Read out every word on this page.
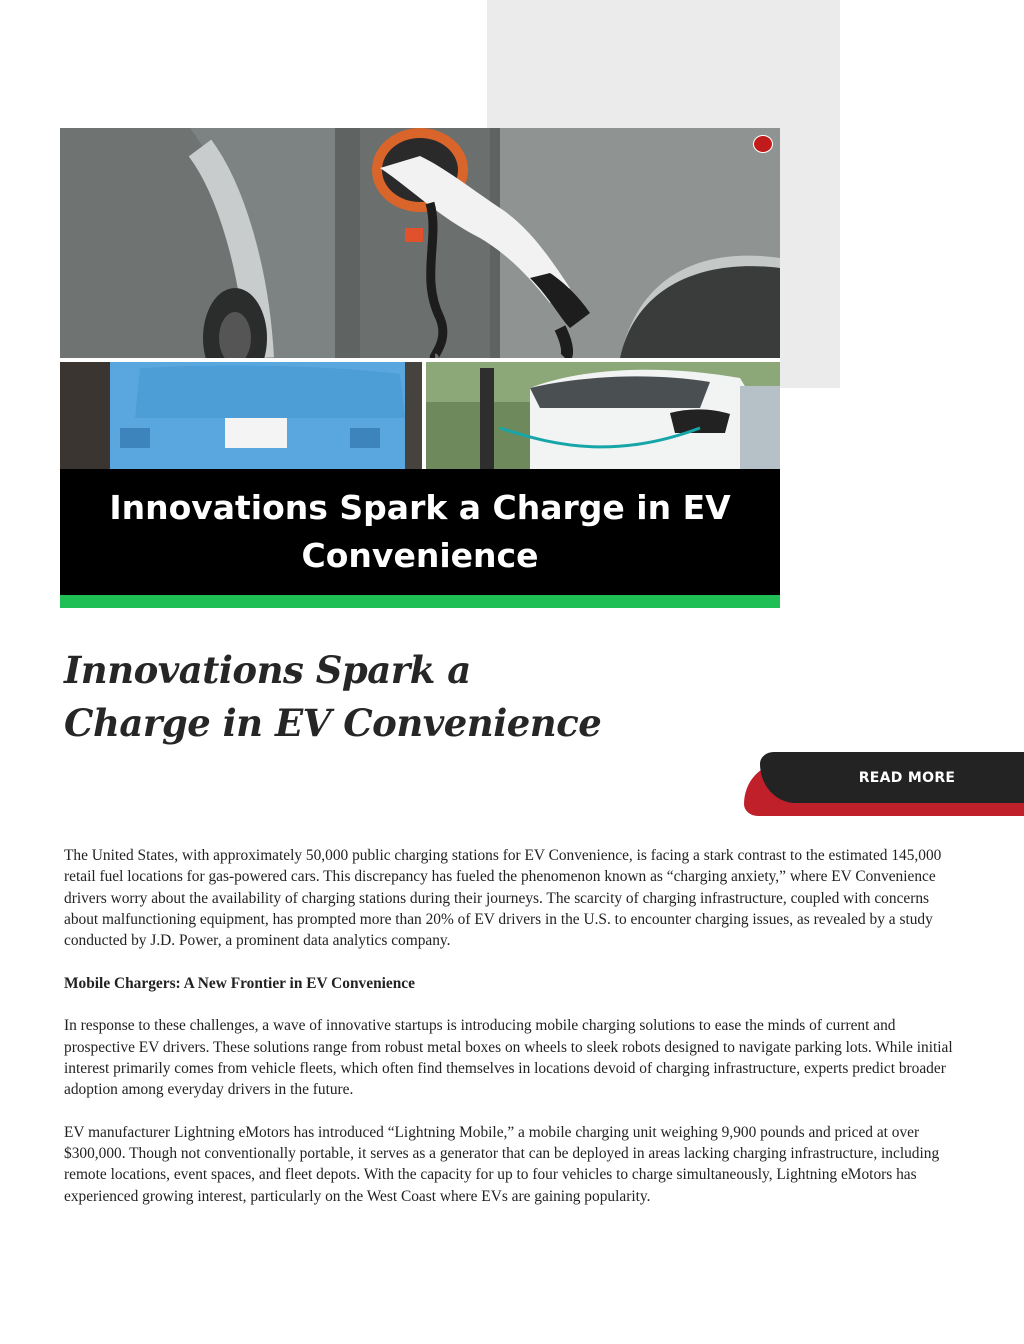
Innovations Spark a Charge in EV Convenience
Innovations Spark a
Charge in EV Convenience
READ MORE

The United States, with approximately 50,000 public charging stations for EV Convenience, is facing a stark contrast to the estimated 145,000 retail fuel locations for gas-powered cars. This discrepancy has fueled the phenomenon known as “charging anxiety,” where EV Convenience drivers worry about the availability of charging stations during their journeys. The scarcity of charging infrastructure, coupled with concerns about malfunctioning equipment, has prompted more than 20% of EV drivers in the U.S. to encounter charging issues, as revealed by a study conducted by J.D. Power, a prominent data analytics company.

Mobile Chargers: A New Frontier in EV Convenience

In response to these challenges, a wave of innovative startups is introducing mobile charging solutions to ease the minds of current and prospective EV drivers. These solutions range from robust metal boxes on wheels to sleek robots designed to navigate parking lots. While initial interest primarily comes from vehicle fleets, which often find themselves in locations devoid of charging infrastructure, experts predict broader adoption among everyday drivers in the future.

EV manufacturer Lightning eMotors has introduced “Lightning Mobile,” a mobile charging unit weighing 9,900 pounds and priced at over $300,000. Though not conventionally portable, it serves as a generator that can be deployed in areas lacking charging infrastructure, including remote locations, event spaces, and fleet depots. With the capacity for up to four vehicles to charge simultaneously, Lightning eMotors has experienced growing interest, particularly on the West Coast where EVs are gaining popularity.
